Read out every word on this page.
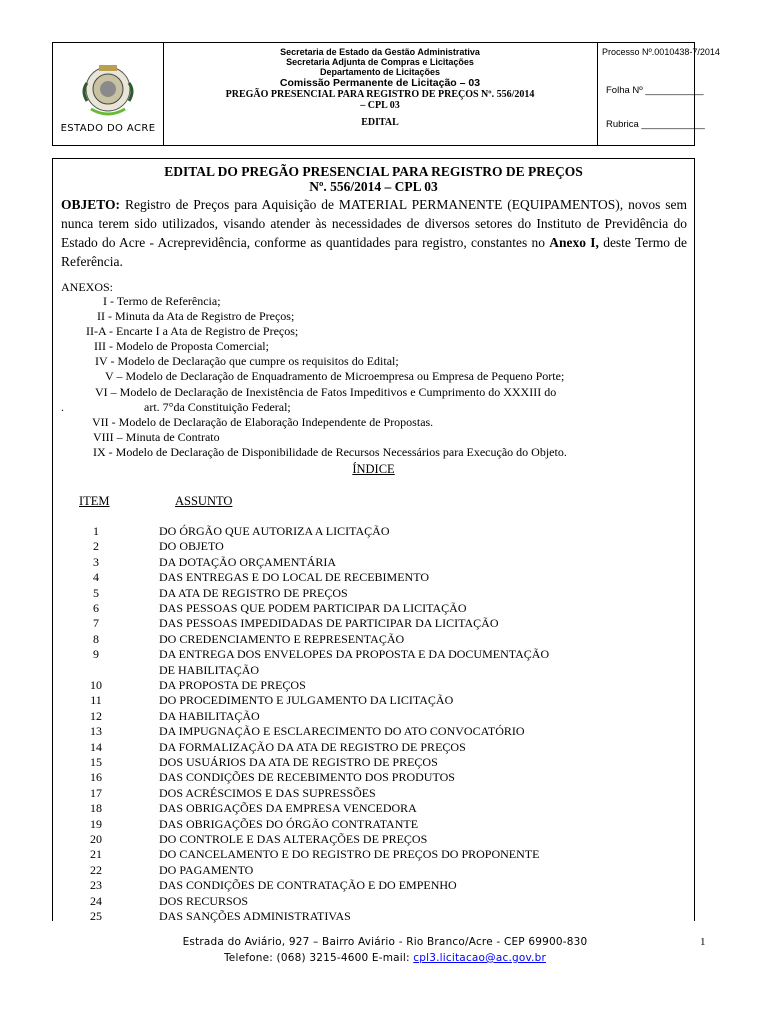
ESTADO DO ACRE
Secretaria de Estado da Gestão Administrativa
Secretaria Adjunta de Compras e Licitações
Departamento de Licitações
Comissão Permanente de Licitação – 03
PREGÃO PRESENCIAL PARA REGISTRO DE PREÇOS Nº. 556/2014
– CPL 03
EDITAL
Processo Nº.0010438-7/2014
Folha Nº ___________
Rubrica ____________
EDITAL DO PREGÃO PRESENCIAL PARA REGISTRO DE PREÇOS
Nº. 556/2014 – CPL 03
OBJETO: Registro de Preços para Aquisição de MATERIAL PERMANENTE (EQUIPAMENTOS), novos sem nunca terem sido utilizados, visando atender às necessidades de diversos setores do Instituto de Previdência do Estado do Acre - Acreprevidência, conforme as quantidades para registro, constantes no Anexo I, deste Termo de Referência.
ANEXOS:
I - Termo de Referência;
II - Minuta da Ata de Registro de Preços;
II-A - Encarte I a Ata de Registro de Preços;
III - Modelo de Proposta Comercial;
IV - Modelo de Declaração que cumpre os requisitos do Edital;
V – Modelo de Declaração de Enquadramento de Microempresa ou Empresa de Pequeno Porte;
VI – Modelo de Declaração de Inexistência de Fatos Impeditivos e Cumprimento do XXXIII do
.	art. 7°da Constituição Federal;
VII - Modelo de Declaração de Elaboração Independente de Propostas.
VIII – Minuta de Contrato
IX - Modelo de Declaração de Disponibilidade de Recursos Necessários para Execução do Objeto.
ÍNDICE
ITEM	ASSUNTO
1	DO ÓRGÃO QUE AUTORIZA A LICITAÇÃO
2	DO OBJETO
3	DA DOTAÇÃO ORÇAMENTÁRIA
4	DAS ENTREGAS E DO LOCAL DE RECEBIMENTO
5	DA ATA DE REGISTRO DE PREÇOS
6	DAS PESSOAS QUE PODEM PARTICIPAR DA LICITAÇÃO
7	DAS PESSOAS IMPEDIDADAS DE PARTICIPAR DA LICITAÇÃO
8	DO CREDENCIAMENTO E REPRESENTAÇÃO
9	DA ENTREGA DOS ENVELOPES DA PROPOSTA E DA DOCUMENTAÇÃO
DE HABILITAÇÃO
10	DA PROPOSTA DE PREÇOS
11	DO PROCEDIMENTO E JULGAMENTO DA LICITAÇÃO
12	DA HABILITAÇÃO
13	DA IMPUGNAÇÃO E ESCLARECIMENTO DO ATO CONVOCATÓRIO
14	DA FORMALIZAÇÃO DA ATA DE REGISTRO DE PREÇOS
15	DOS USUÁRIOS DA ATA DE REGISTRO DE PREÇOS
16	DAS CONDIÇÕES DE RECEBIMENTO DOS PRODUTOS
17	DOS ACRÉSCIMOS E DAS SUPRESSÕES
18	DAS OBRIGAÇÕES DA EMPRESA VENCEDORA
19	DAS OBRIGAÇÕES DO ÓRGÃO CONTRATANTE
20	DO CONTROLE E DAS ALTERAÇÕES DE PREÇOS
21	DO CANCELAMENTO E DO REGISTRO DE PREÇOS DO PROPONENTE
22	DO PAGAMENTO
23	DAS CONDIÇÕES DE CONTRATAÇÃO E DO EMPENHO
24	DOS RECURSOS
25	DAS SANÇÕES ADMINISTRATIVAS
Estrada do Aviário, 927 – Bairro Aviário - Rio Branco/Acre - CEP 69900-830
Telefone: (068) 3215-4600 E-mail: cpl3.licitacao@ac.gov.br
1
